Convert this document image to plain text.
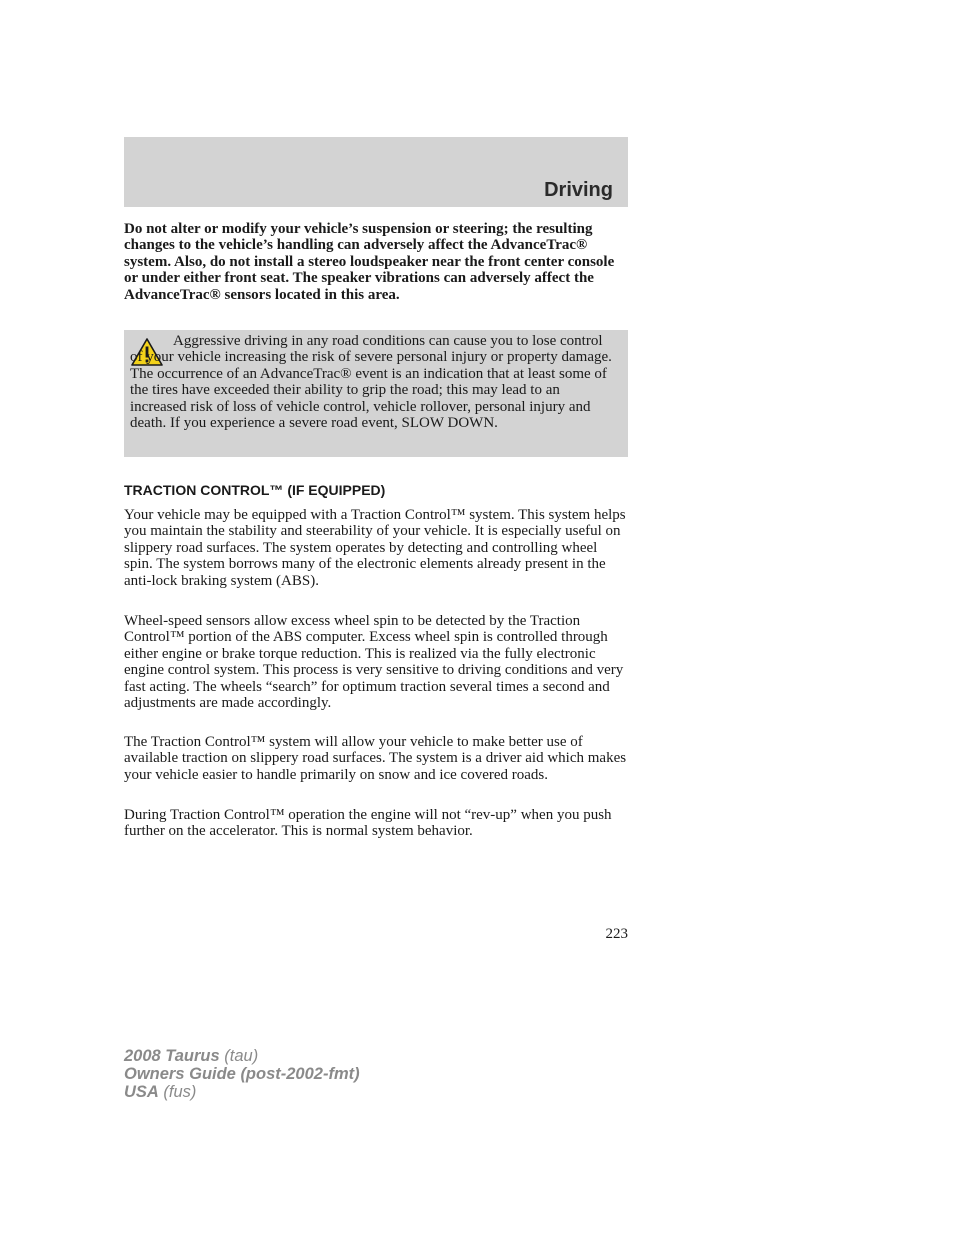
Driving

Do not alter or modify your vehicle’s suspension or steering; the resulting changes to the vehicle’s handling can adversely affect the AdvanceTrac® system. Also, do not install a stereo loudspeaker near the front center console or under either front seat. The speaker vibrations can adversely affect the AdvanceTrac® sensors located in this area.

Aggressive driving in any road conditions can cause you to lose control of your vehicle increasing the risk of severe personal injury or property damage. The occurrence of an AdvanceTrac® event is an indication that at least some of the tires have exceeded their ability to grip the road; this may lead to an increased risk of loss of vehicle control, vehicle rollover, personal injury and death. If you experience a severe road event, SLOW DOWN.

TRACTION CONTROL™ (IF EQUIPPED)

Your vehicle may be equipped with a Traction Control™ system. This system helps you maintain the stability and steerability of your vehicle. It is especially useful on slippery road surfaces. The system operates by detecting and controlling wheel spin. The system borrows many of the electronic elements already present in the anti-lock braking system (ABS).

Wheel-speed sensors allow excess wheel spin to be detected by the Traction Control™ portion of the ABS computer. Excess wheel spin is controlled through either engine or brake torque reduction. This is realized via the fully electronic engine control system. This process is very sensitive to driving conditions and very fast acting. The wheels “search” for optimum traction several times a second and adjustments are made accordingly.

The Traction Control™ system will allow your vehicle to make better use of available traction on slippery road surfaces. The system is a driver aid which makes your vehicle easier to handle primarily on snow and ice covered roads.

During Traction Control™ operation the engine will not “rev-up” when you push further on the accelerator. This is normal system behavior.

223
2008 Taurus (tau)
Owners Guide (post-2002-fmt)
USA (fus)
